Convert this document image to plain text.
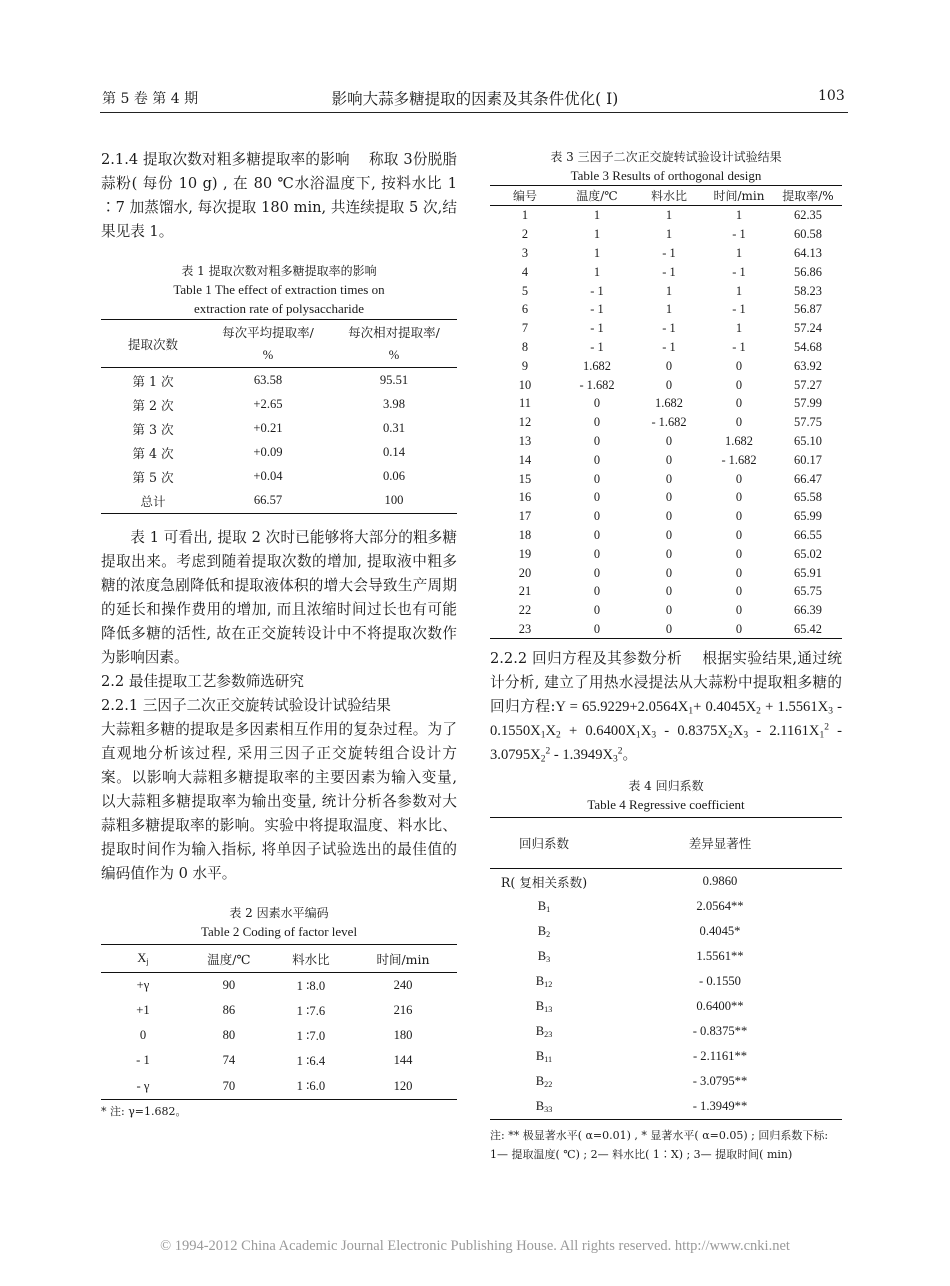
第 5 卷 第 4 期	影响大蒜多糖提取的因素及其条件优化( Ⅰ)	103

2.1.4 提取次数对粗多糖提取率的影响 称取 3份脱脂蒜粉( 每份 10 g) , 在 80 ℃水浴温度下, 按料水比 1 ∶7 加蒸馏水, 每次提取 180 min, 共连续提取 5 次,结果见表 1。

表 1 提取次数对粗多糖提取率的影响
Table 1 The effect of extraction times on
extraction rate of polysaccharide
提取次数	每次平均提取率/	每次相对提取率/
	%	%
第 1 次	63.58	95.51
第 2 次	+2.65	3.98
第 3 次	+0.21	0.31
第 4 次	+0.09	0.14
第 5 次	+0.04	0.06
总计	66.57	100

表 1 可看出, 提取 2 次时已能够将大部分的粗多糖提取出来。考虑到随着提取次数的增加, 提取液中粗多糖的浓度急剧降低和提取液体积的增大会导致生产周期的延长和操作费用的增加, 而且浓缩时间过长也有可能降低多糖的活性, 故在正交旋转设计中不将提取次数作为影响因素。

2.2 最佳提取工艺参数筛选研究

2.2.1 三因子二次正交旋转试验设计试验结果

大蒜粗多糖的提取是多因素相互作用的复杂过程。为了直观地分析该过程, 采用三因子正交旋转组合设计方案。以影响大蒜粗多糖提取率的主要因素为输入变量, 以大蒜粗多糖提取率为输出变量, 统计分析各参数对大蒜粗多糖提取率的影响。实验中将提取温度、料水比、提取时间作为输入指标, 将单因子试验选出的最佳值的编码值作为 0 水平。

表 2 因素水平编码
Table 2 Coding of factor level
$X_j$	温度/℃	料水比	时间/min
+γ	90	1 ∶8.0	240
+1	86	1 ∶7.6	216
0	80	1 ∶7.0	180
- 1	74	1 ∶6.4	144
- γ	70	1 ∶6.0	120
* 注: γ=1.682。
表 3 三因子二次正交旋转试验设计试验结果
Table 3 Results of orthogonal design
编号	温度/℃	料水比	时间/min	提取率/%
1	1	1	1	62.35
2	1	1	- 1	60.58
3	1	- 1	1	64.13
4	1	- 1	- 1	56.86
5	- 1	1	1	58.23
6	- 1	1	- 1	56.87
7	- 1	- 1	1	57.24
8	- 1	- 1	- 1	54.68
9	1.682	0	0	63.92
10	- 1.682	0	0	57.27
11	0	1.682	0	57.99
12	0	- 1.682	0	57.75
13	0	0	1.682	65.10
14	0	0	- 1.682	60.17
15	0	0	0	66.47
16	0	0	0	65.58
17	0	0	0	65.99
18	0	0	0	66.55
19	0	0	0	65.02
20	0	0	0	65.91
21	0	0	0	65.75
22	0	0	0	66.39
23	0	0	0	65.42

2.2.2 回归方程及其参数分析 根据实验结果,通过统计分析, 建立了用热水浸提法从大蒜粉中提取粗多糖的回归方程:Y = $65.9229+2.0564X_1+ 0.4045X_2 + 1.5561X_3 - 0.1550X_1X_2 + 0.6400X_1X_3 - 0.8375X_2X_3 - 2.1161X_1^2 - 3.0795X_2^2 - 1.3949X_3^2$。

表 4 回归系数
Table 4 Regressive coefficient
回归系数	差异显著性
R( 复相关系数)	0.9860
$B_1$	2.0564**
$B_2$	0.4045*
$B_3$	1.5561**
$B_{12}$	- 0.1550
$B_{13}$	0.6400**
$B_{23}$	- 0.8375**
$B_{11}$	- 2.1161**
$B_{22}$	- 3.0795**
$B_{33}$	- 1.3949**
注: ** 极显著水平( α=0.01) , * 显著水平( α=0.05) ; 回归系数下标:
1— 提取温度( ℃) ; 2— 料水比( 1∶X) ; 3— 提取时间( min)
© 1994-2012 China Academic Journal Electronic Publishing House. All rights reserved. http://www.cnki.net
